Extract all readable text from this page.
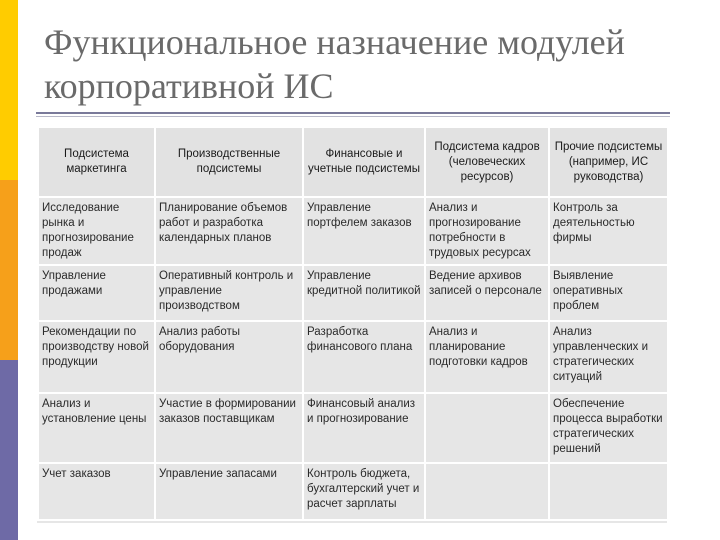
Функциональное назначение модулей
корпоративной ИС
Подсистема маркетинга	Производственные подсистемы	Финансовые и учетные подсистемы	Подсистема кадров (человеческих ресурсов)	Прочие подсистемы (например, ИС руководства)
Исследование рынка и прогнозирование продаж	Планирование объемов работ и разработка календарных планов	Управление портфелем заказов	Анализ и прогнозирование потребности в трудовых ресурсах	Контроль за деятельностью фирмы
Управление продажами	Оперативный контроль и управление производством	Управление кредитной политикой	Ведение архивов записей о персонале	Выявление оперативных проблем
Рекомендации по производству новой продукции	Анализ работы оборудования	Разработка финансового плана	Анализ и планирование подготовки кадров	Анализ управленческих и стратегических ситуаций
Анализ и установление цены	Участие в формировании заказов поставщикам	Финансовый анализ и прогнозирование		Обеспечение процесса выработки стратегических решений
Учет заказов	Управление запасами	Контроль бюджета, бухгалтерский учет и расчет зарплаты		
